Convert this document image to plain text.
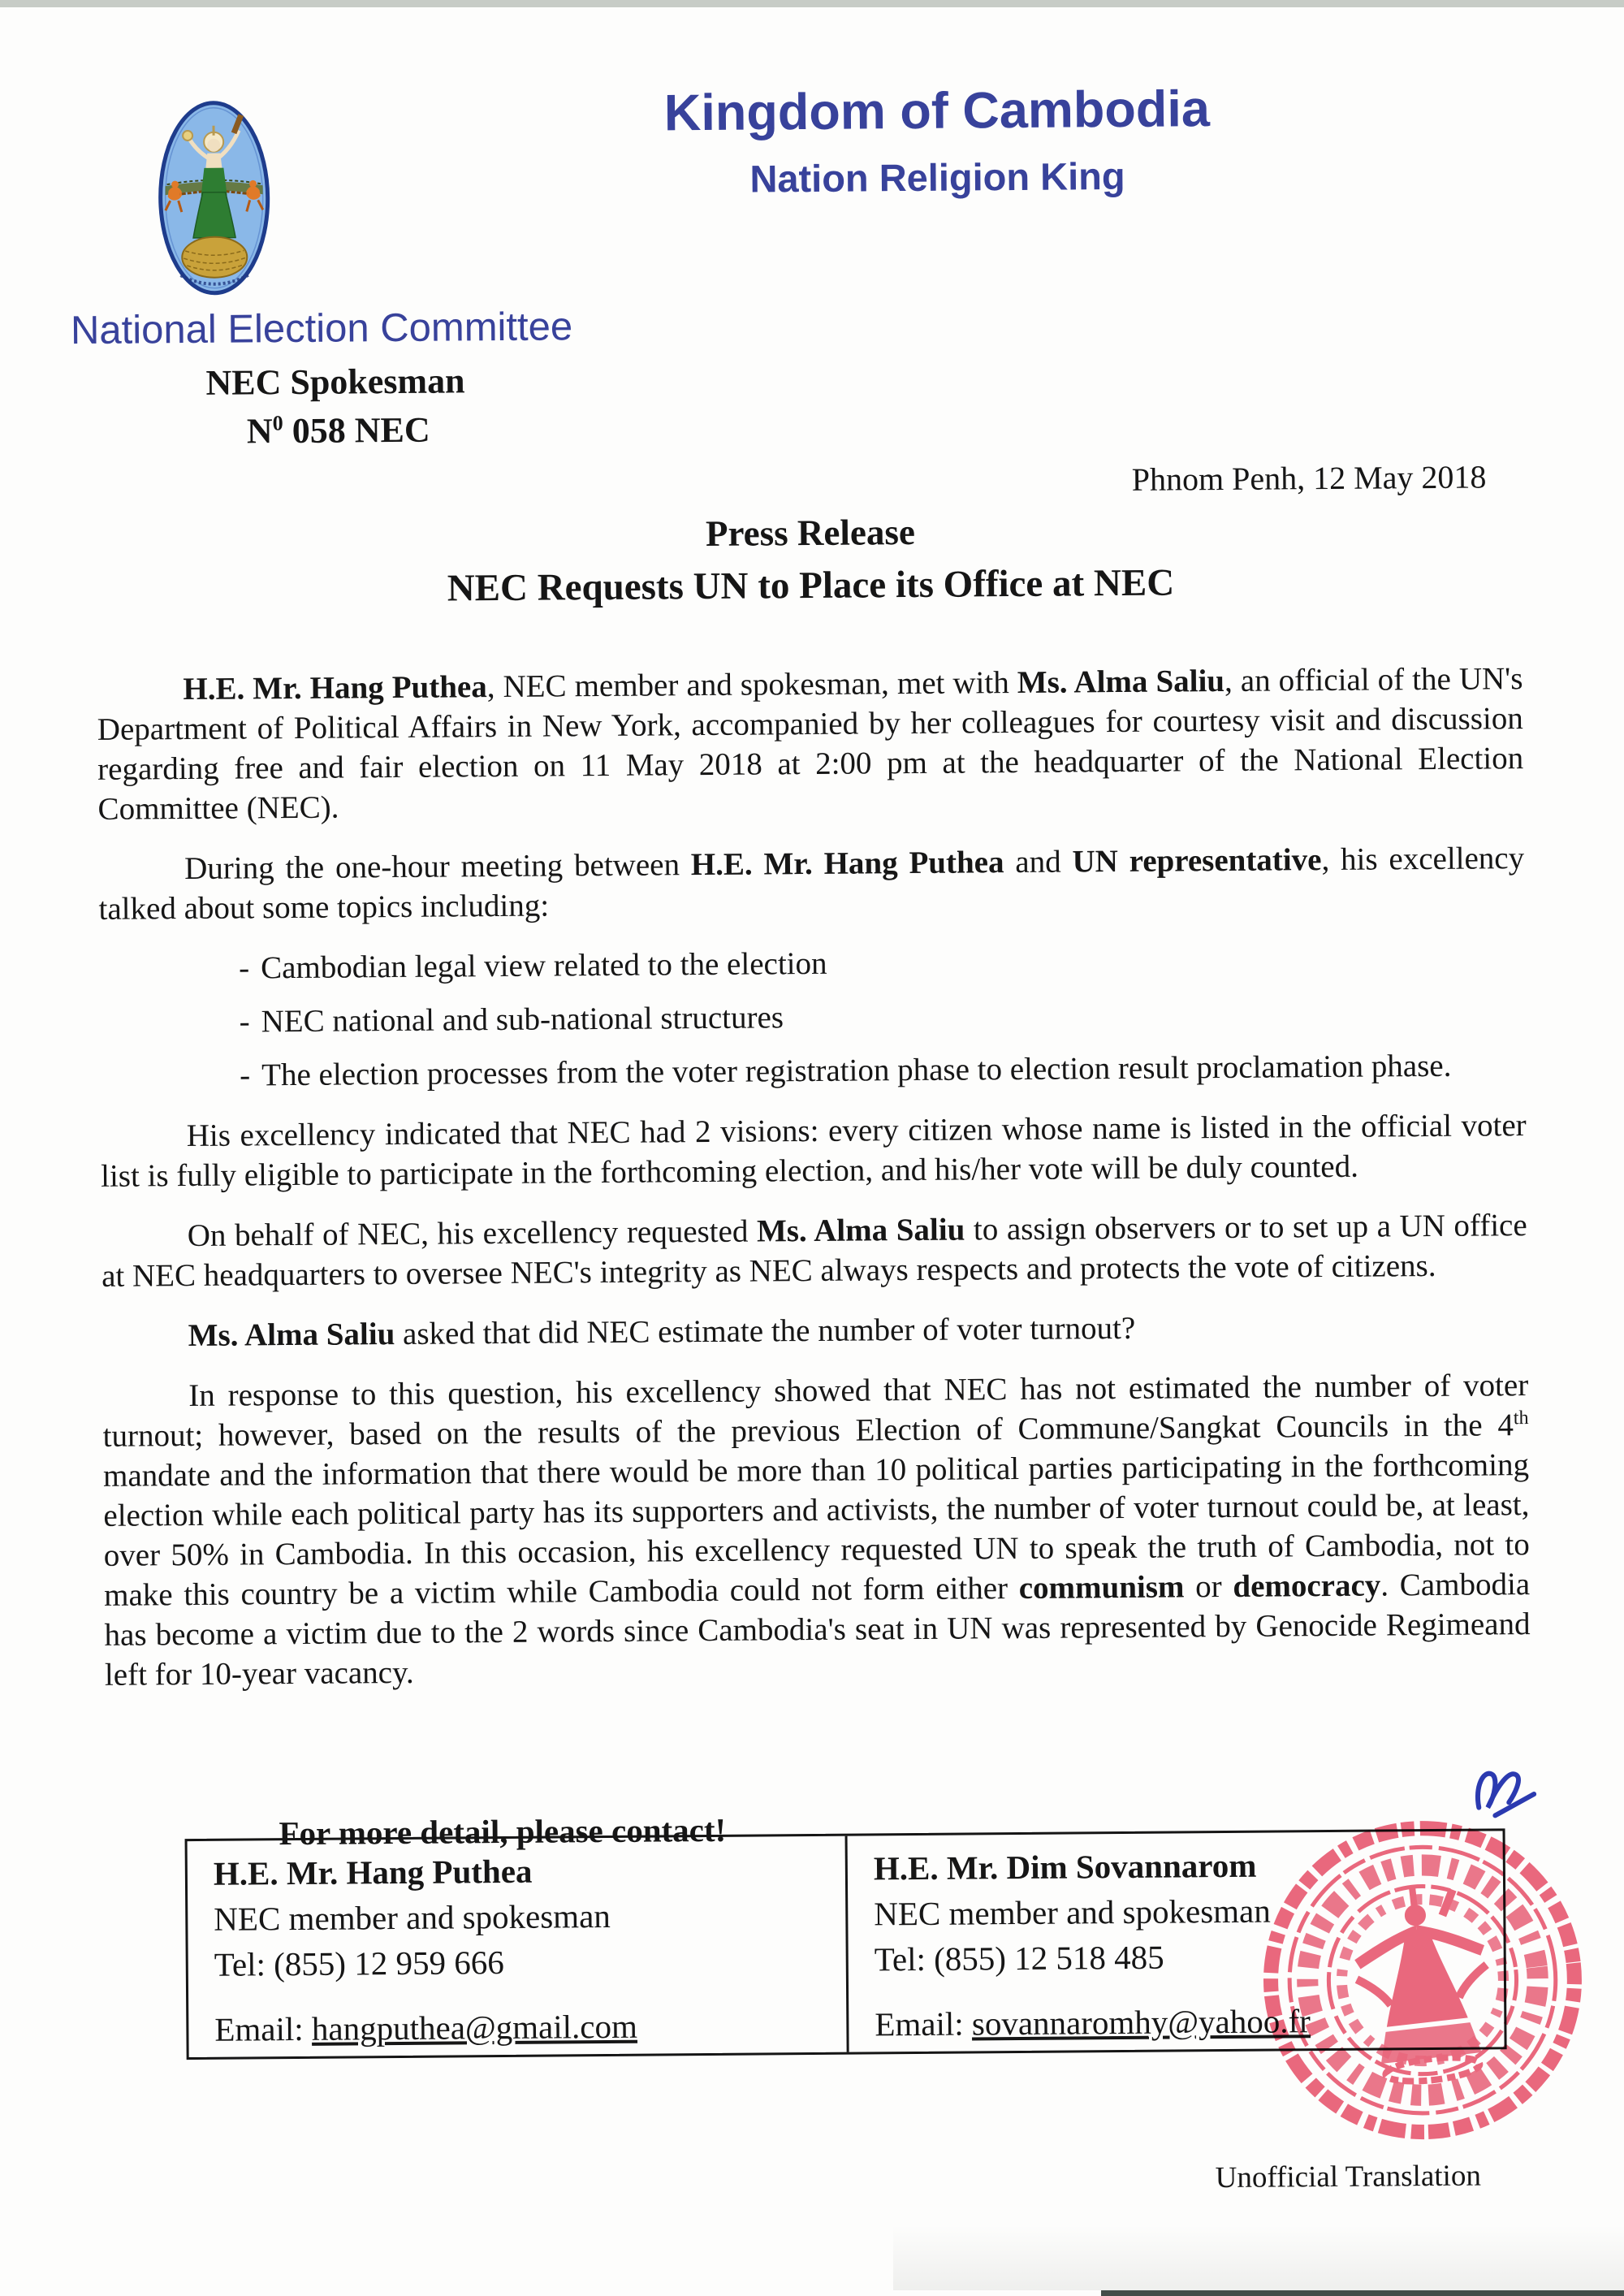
Kingdom of Cambodia
Nation Religion King
National Election Committee
NEC Spokesman
$N^0$ 058 NEC
Phnom Penh, 12 May 2018
Press Release
NEC Requests UN to Place its Office at NEC

H.E. Mr. Hang Puthea, NEC member and spokesman, met with Ms. Alma Saliu, an official of the UN's Department of Political Affairs in New York, accompanied by her colleagues for courtesy visit and discussion regarding free and fair election on 11 May 2018 at 2:00 pm at the headquarter of the National Election Committee (NEC).

During the one-hour meeting between H.E. Mr. Hang Puthea and UN representative, his excellency talked about some topics including:

- Cambodian legal view related to the election
- NEC national and sub-national structures
- The election processes from the voter registration phase to election result proclamation phase.

His excellency indicated that NEC had 2 visions: every citizen whose name is listed in the official voter list is fully eligible to participate in the forthcoming election, and his/her vote will be duly counted.

On behalf of NEC, his excellency requested Ms. Alma Saliu to assign observers or to set up a UN office at NEC headquarters to oversee NEC's integrity as NEC always respects and protects the vote of citizens.

Ms. Alma Saliu asked that did NEC estimate the number of voter turnout?

In response to this question, his excellency showed that NEC has not estimated the number of voter turnout; however, based on the results of the previous Election of Commune/Sangkat Councils in the 4th mandate and the information that there would be more than 10 political parties participating in the forthcoming election while each political party has its supporters and activists, the number of voter turnout could be, at least, over 50% in Cambodia. In this occasion, his excellency requested UN to speak the truth of Cambodia, not to make this country be a victim while Cambodia could not form either communism or democracy. Cambodia has become a victim due to the 2 words since Cambodia's seat in UN was represented by Genocide Regimeand left for 10-year vacancy.

For more detail, please contact!
H.E. Mr. Hang Puthea
NEC member and spokesman
Tel: (855) 12 959 666
Email: hangputhea@gmail.com
H.E. Mr. Dim Sovannarom
NEC member and spokesman
Tel: (855) 12 518 485
Email: sovannaromhy@yahoo.fr
Unofficial Translation
